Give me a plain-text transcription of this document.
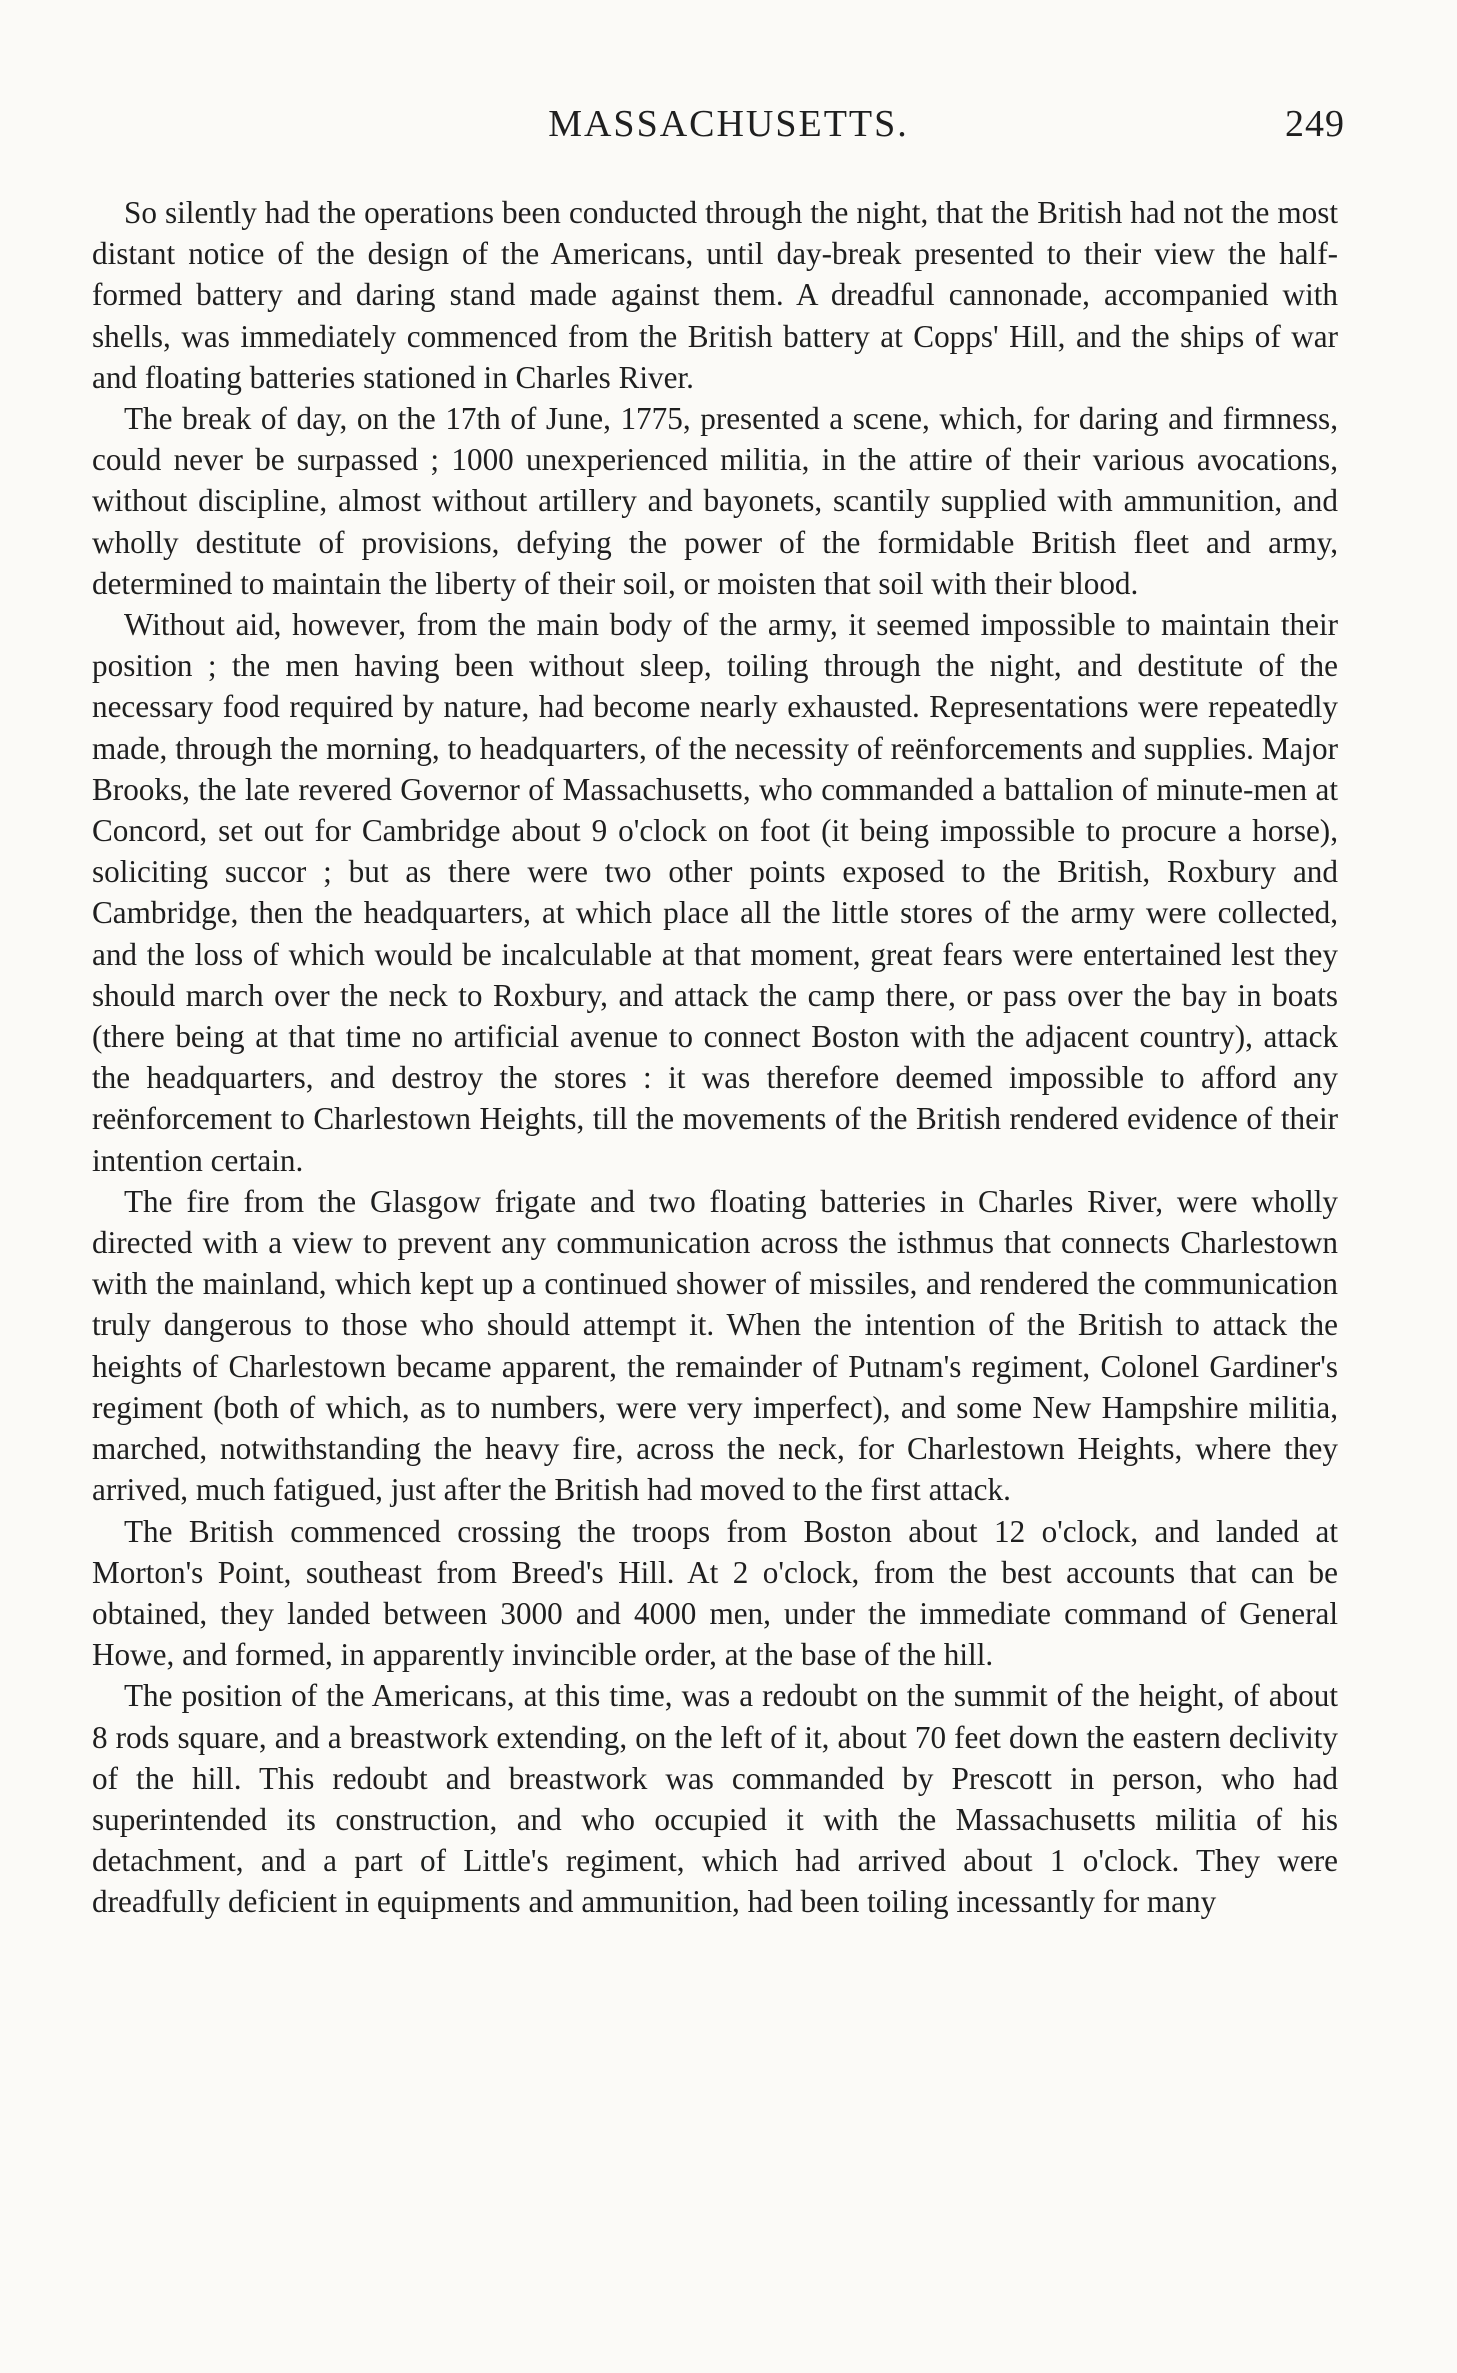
MASSACHUSETTS.	249

So silently had the operations been conducted through the night, that the British had not the most distant notice of the design of the Americans, until day-break presented to their view the half-formed battery and daring stand made against them. A dreadful cannonade, accompanied with shells, was immediately commenced from the British battery at Copps' Hill, and the ships of war and floating batteries stationed in Charles River.

The break of day, on the 17th of June, 1775, presented a scene, which, for daring and firmness, could never be surpassed ; 1000 unexperienced militia, in the attire of their various avocations, without discipline, almost without artillery and bayonets, scantily supplied with ammunition, and wholly destitute of provisions, defying the power of the formidable British fleet and army, determined to maintain the liberty of their soil, or moisten that soil with their blood.

Without aid, however, from the main body of the army, it seemed impossible to maintain their position ; the men having been without sleep, toiling through the night, and destitute of the necessary food required by nature, had become nearly exhausted. Representations were repeatedly made, through the morning, to headquarters, of the necessity of reënforcements and supplies. Major Brooks, the late revered Governor of Massachusetts, who commanded a battalion of minute-men at Concord, set out for Cambridge about 9 o'clock on foot (it being impossible to procure a horse), soliciting succor ; but as there were two other points exposed to the British, Roxbury and Cambridge, then the headquarters, at which place all the little stores of the army were collected, and the loss of which would be incalculable at that moment, great fears were entertained lest they should march over the neck to Roxbury, and attack the camp there, or pass over the bay in boats (there being at that time no artificial avenue to connect Boston with the adjacent country), attack the headquarters, and destroy the stores : it was therefore deemed impossible to afford any reënforcement to Charlestown Heights, till the movements of the British rendered evidence of their intention certain.

The fire from the Glasgow frigate and two floating batteries in Charles River, were wholly directed with a view to prevent any communication across the isthmus that connects Charlestown with the mainland, which kept up a continued shower of missiles, and rendered the communication truly dangerous to those who should attempt it. When the intention of the British to attack the heights of Charlestown became apparent, the remainder of Putnam's regiment, Colonel Gardiner's regiment (both of which, as to numbers, were very imperfect), and some New Hampshire militia, marched, notwithstanding the heavy fire, across the neck, for Charlestown Heights, where they arrived, much fatigued, just after the British had moved to the first attack.

The British commenced crossing the troops from Boston about 12 o'clock, and landed at Morton's Point, southeast from Breed's Hill. At 2 o'clock, from the best accounts that can be obtained, they landed between 3000 and 4000 men, under the immediate command of General Howe, and formed, in apparently invincible order, at the base of the hill.

The position of the Americans, at this time, was a redoubt on the summit of the height, of about 8 rods square, and a breastwork extending, on the left of it, about 70 feet down the eastern declivity of the hill. This redoubt and breastwork was commanded by Prescott in person, who had superintended its construction, and who occupied it with the Massachusetts militia of his detachment, and a part of Little's regiment, which had arrived about 1 o'clock. They were dreadfully deficient in equipments and ammunition, had been toiling incessantly for many
